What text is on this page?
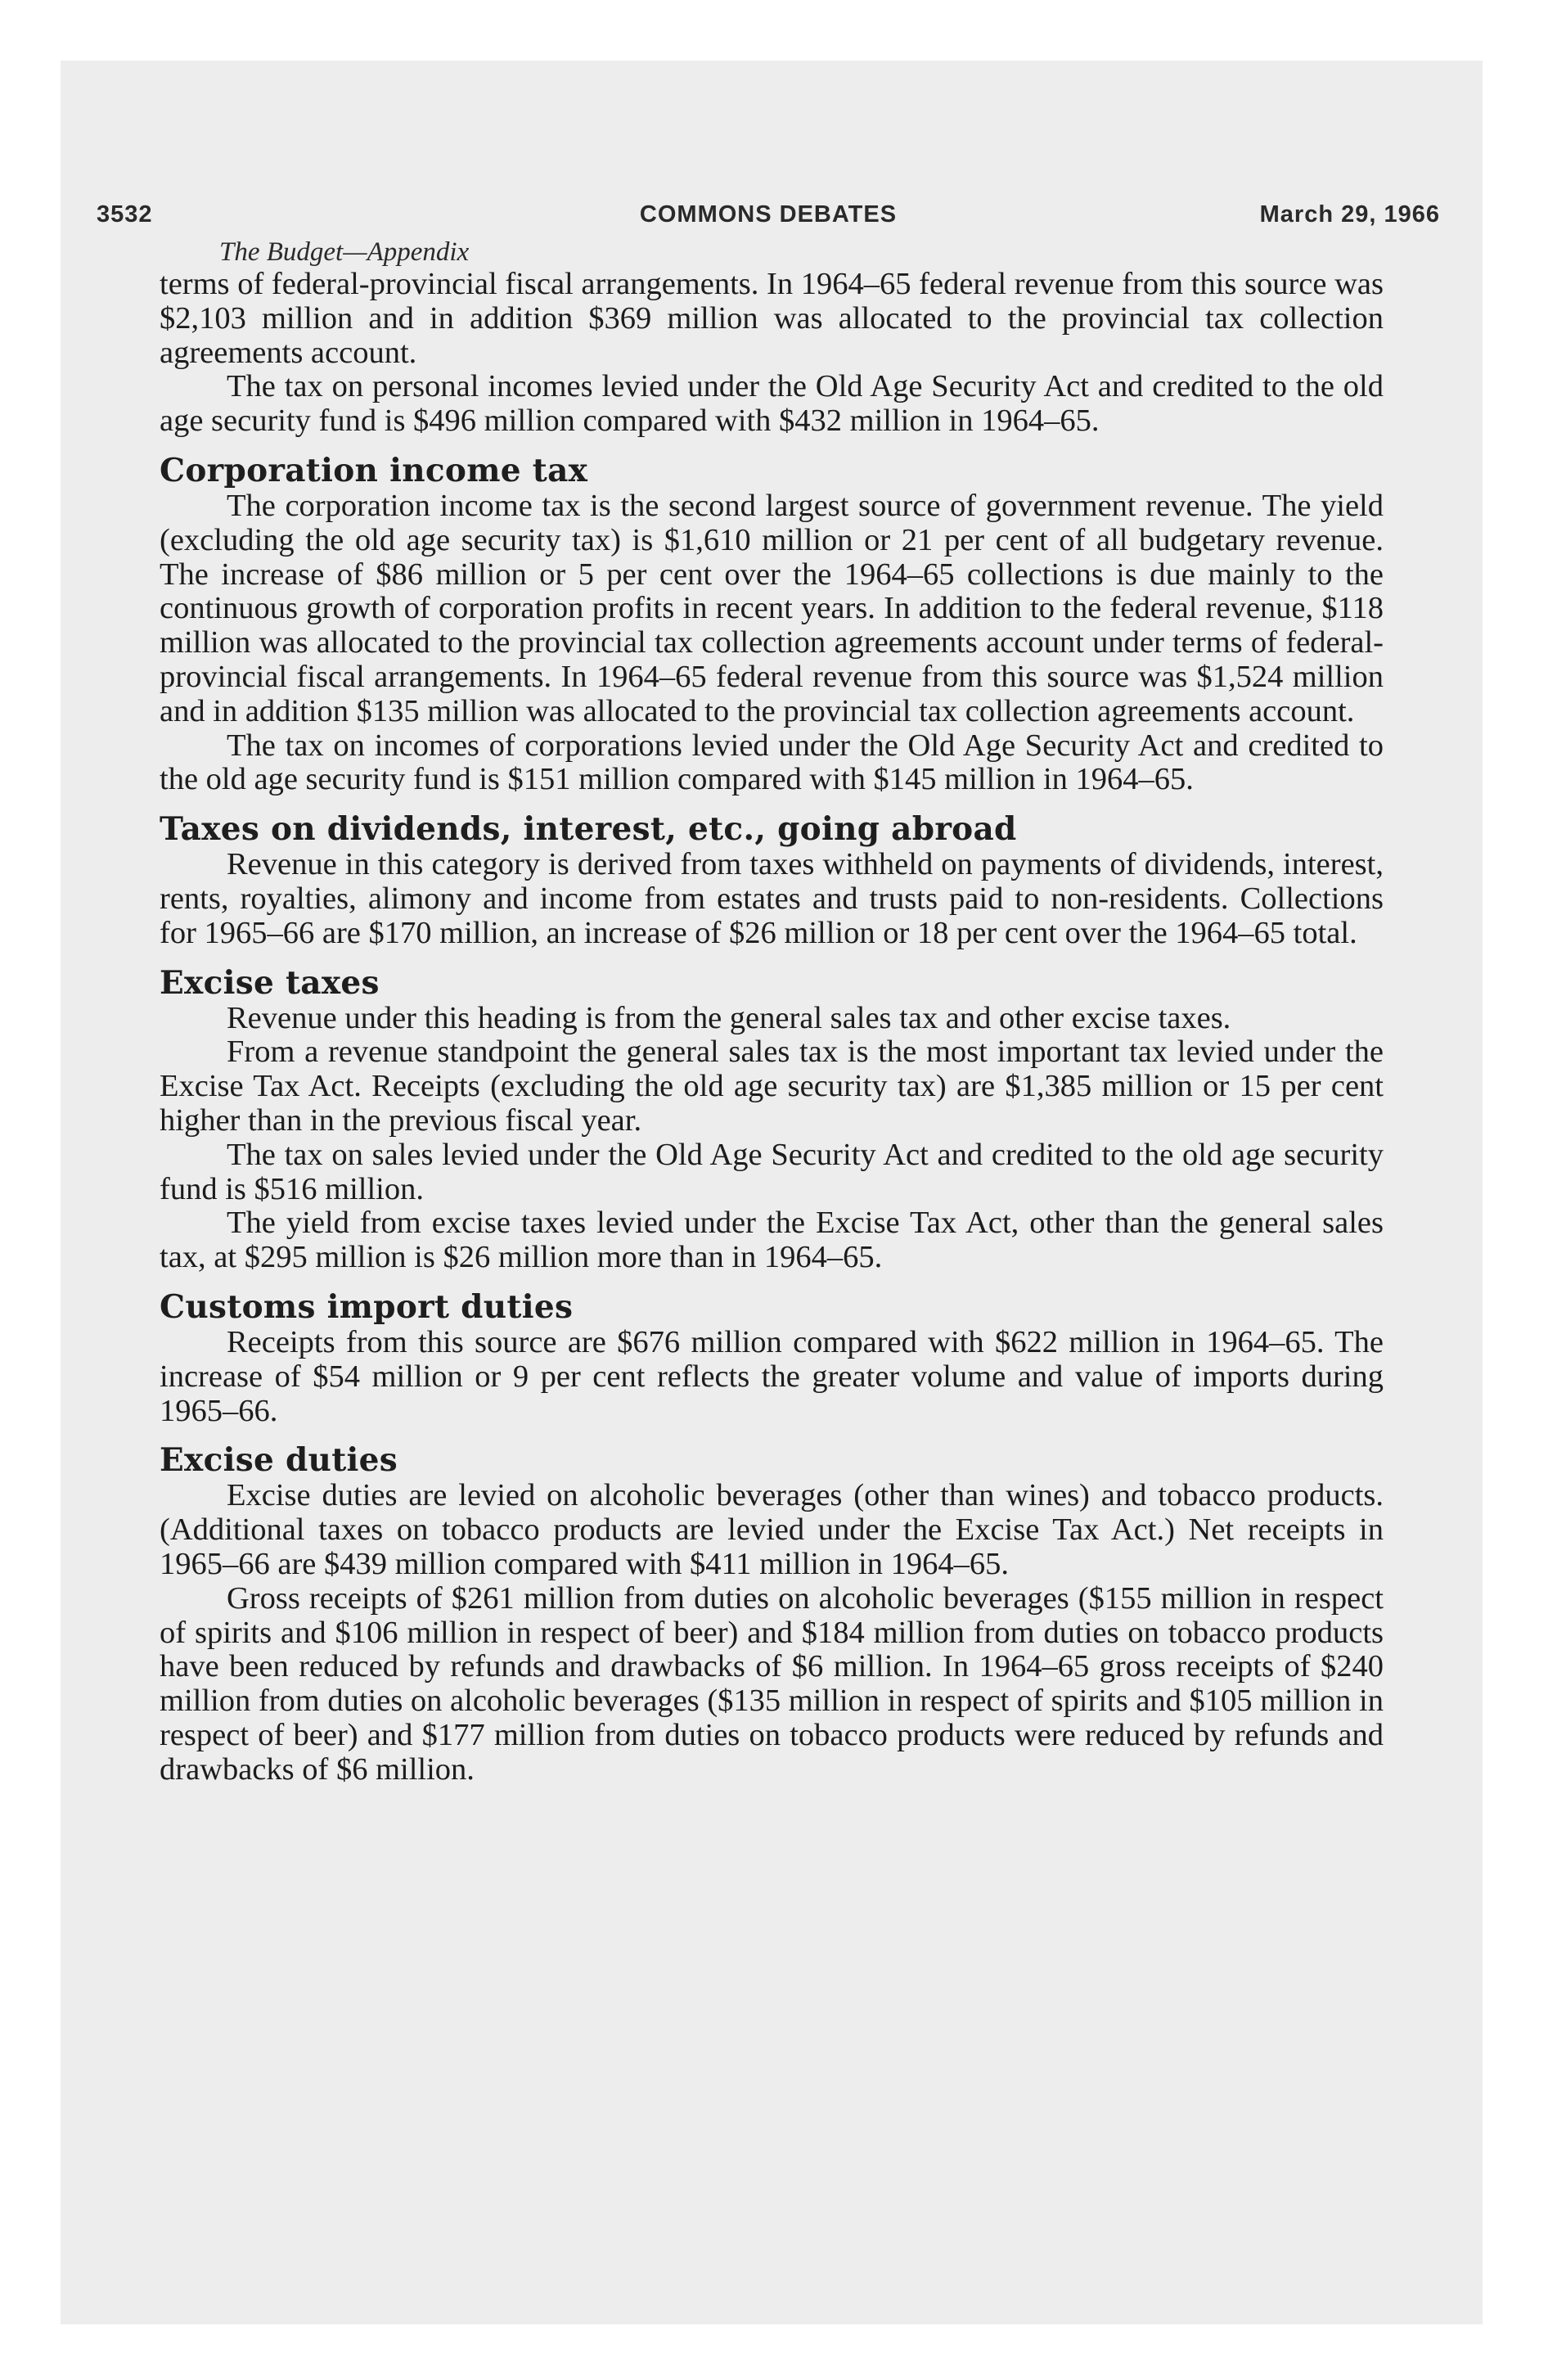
3532	COMMONS DEBATES	March 29, 1966
The Budget—Appendix

terms of federal-provincial fiscal arrangements. In 1964–65 federal revenue from this source was $2,103 million and in addition $369 million was allocated to the provincial tax collection agreements account.

The tax on personal incomes levied under the Old Age Security Act and credited to the old age security fund is $496 million compared with $432 million in 1964–65.

Corporation income tax

The corporation income tax is the second largest source of government revenue. The yield (excluding the old age security tax) is $1,610 million or 21 per cent of all budgetary revenue. The increase of $86 million or 5 per cent over the 1964–65 collections is due mainly to the continuous growth of corporation profits in recent years. In addition to the federal revenue, $118 million was allocated to the provincial tax collection agreements account under terms of federal-provincial fiscal arrangements. In 1964–65 federal revenue from this source was $1,524 million and in addition $135 million was allocated to the provincial tax collection agreements account.

The tax on incomes of corporations levied under the Old Age Security Act and credited to the old age security fund is $151 million compared with $145 million in 1964–65.

Taxes on dividends, interest, etc., going abroad

Revenue in this category is derived from taxes withheld on payments of dividends, interest, rents, royalties, alimony and income from estates and trusts paid to non-residents. Collections for 1965–66 are $170 million, an increase of $26 million or 18 per cent over the 1964–65 total.

Excise taxes

Revenue under this heading is from the general sales tax and other excise taxes.

From a revenue standpoint the general sales tax is the most important tax levied under the Excise Tax Act. Receipts (excluding the old age security tax) are $1,385 million or 15 per cent higher than in the previous fiscal year.

The tax on sales levied under the Old Age Security Act and credited to the old age security fund is $516 million.

The yield from excise taxes levied under the Excise Tax Act, other than the general sales tax, at $295 million is $26 million more than in 1964–65.

Customs import duties

Receipts from this source are $676 million compared with $622 million in 1964–65. The increase of $54 million or 9 per cent reflects the greater volume and value of imports during 1965–66.

Excise duties

Excise duties are levied on alcoholic beverages (other than wines) and tobacco products. (Additional taxes on tobacco products are levied under the Excise Tax Act.) Net receipts in 1965–66 are $439 million compared with $411 million in 1964–65.

Gross receipts of $261 million from duties on alcoholic beverages ($155 million in respect of spirits and $106 million in respect of beer) and $184 million from duties on tobacco products have been reduced by refunds and drawbacks of $6 million. In 1964–65 gross receipts of $240 million from duties on alcoholic beverages ($135 million in respect of spirits and $105 million in respect of beer) and $177 million from duties on tobacco products were reduced by refunds and drawbacks of $6 million.
